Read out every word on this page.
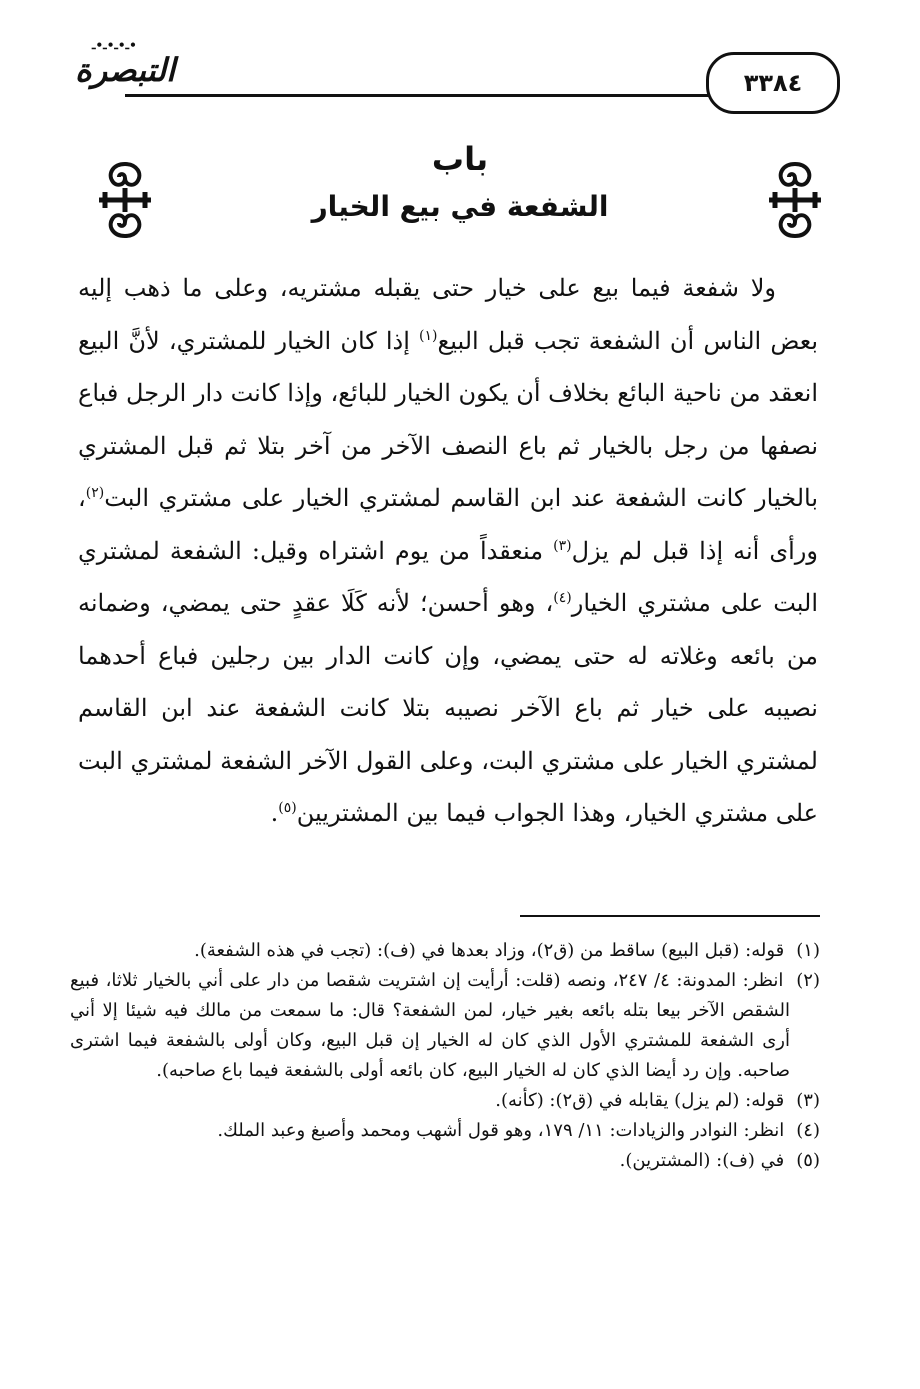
ـ•ـ•ـ•ـ•
التبصرة	٣٣٨٤
باب
الشفعة في بيع الخيار

ولا شفعة فيما بيع على خيار حتى يقبله مشتريه، وعلى ما ذهب إليه بعض الناس أن الشفعة تجب قبل البيع$^{(١)}$ إذا كان الخيار للمشتري، لأنَّ البيع انعقد من ناحية البائع بخلاف أن يكون الخيار للبائع، وإذا كانت دار الرجل فباع نصفها من رجل بالخيار ثم باع النصف الآخر من آخر بتلا ثم قبل المشتري بالخيار كانت الشفعة عند ابن القاسم لمشتري الخيار على مشتري البت$^{(٢)}$، ورأى أنه إذا قبل لم يزل$^{(٣)}$ منعقداً من يوم اشتراه وقيل: الشفعة لمشتري البت على مشتري الخيار$^{(٤)}$، وهو أحسن؛ لأنه كَلَا عقدٍ حتى يمضي، وضمانه من بائعه وغلاته له حتى يمضي، وإن كانت الدار بين رجلين فباع أحدهما نصيبه على خيار ثم باع الآخر نصيبه بتلا كانت الشفعة عند ابن القاسم لمشتري الخيار على مشتري البت، وعلى القول الآخر الشفعة لمشتري البت على مشتري الخيار، وهذا الجواب فيما بين المشتريين$^{(٥)}$.

(١) قوله: (قبل البيع) ساقط من (ق٢)، وزاد بعدها في (ف): (تجب في هذه الشفعة).

(٢) انظر: المدونة: ٤/ ٢٤٧، ونصه (قلت: أرأيت إن اشتريت شقصا من دار على أني بالخيار ثلاثا، فبيع الشقص الآخر بيعا بتله بائعه بغير خيار، لمن الشفعة؟ قال: ما سمعت من مالك فيه شيئا إلا أني أرى الشفعة للمشتري الأول الذي كان له الخيار إن قبل البيع، وكان أولى بالشفعة فيما اشترى صاحبه. وإن رد أيضا الذي كان له الخيار البيع، كان بائعه أولى بالشفعة فيما باع صاحبه).

(٣) قوله: (لم يزل) يقابله في (ق٢): (كأنه).

(٤) انظر: النوادر والزيادات: ١١/ ١٧٩، وهو قول أشهب ومحمد وأصبغ وعبد الملك.

(٥) في (ف): (المشترين).
